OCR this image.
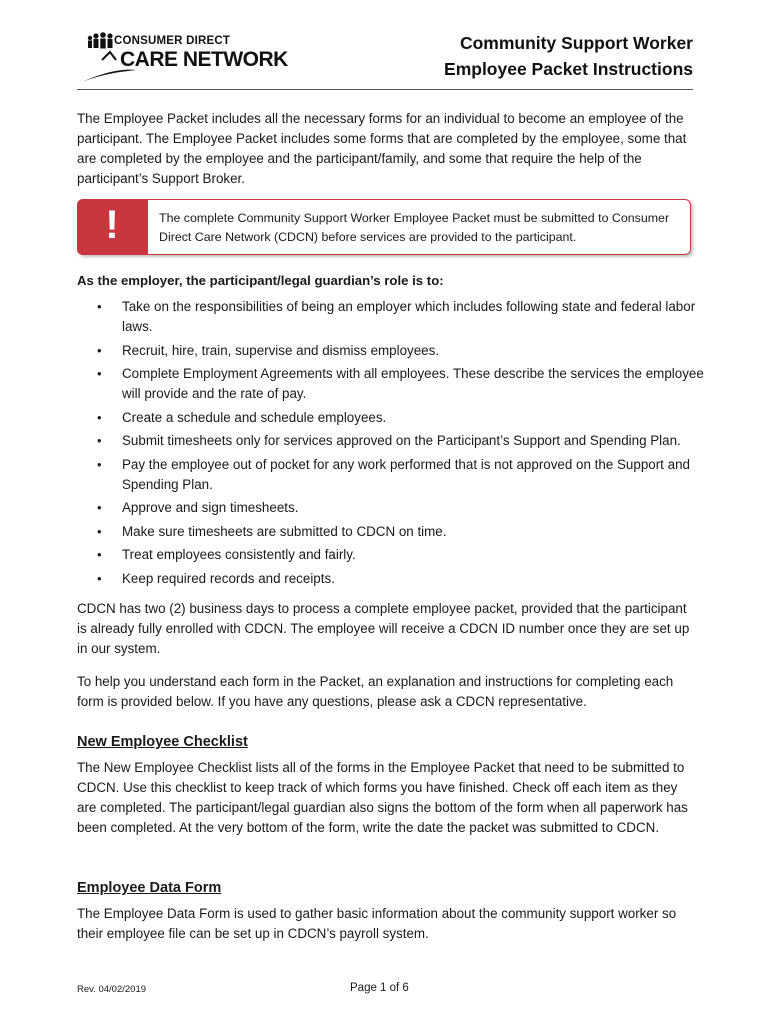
CONSUMER DIRECT
CARE NETWORK
Community Support Worker
Employee Packet Instructions
The Employee Packet includes all the necessary forms for an individual to become an employee of the participant. The Employee Packet includes some forms that are completed by the employee, some that are completed by the employee and the participant/family, and some that require the help of the participant’s Support Broker.
!	The complete Community Support Worker Employee Packet must be submitted to Consumer Direct Care Network (CDCN) before services are provided to the participant.
As the employer, the participant/legal guardian’s role is to:
• Take on the responsibilities of being an employer which includes following state and federal labor laws.
• Recruit, hire, train, supervise and dismiss employees.
• Complete Employment Agreements with all employees. These describe the services the employee will provide and the rate of pay.
• Create a schedule and schedule employees.
• Submit timesheets only for services approved on the Participant’s Support and Spending Plan.
• Pay the employee out of pocket for any work performed that is not approved on the Support and Spending Plan.
• Approve and sign timesheets.
• Make sure timesheets are submitted to CDCN on time.
• Treat employees consistently and fairly.
• Keep required records and receipts.
CDCN has two (2) business days to process a complete employee packet, provided that the participant is already fully enrolled with CDCN. The employee will receive a CDCN ID number once they are set up in our system.
To help you understand each form in the Packet, an explanation and instructions for completing each form is provided below. If you have any questions, please ask a CDCN representative.
New Employee Checklist
The New Employee Checklist lists all of the forms in the Employee Packet that need to be submitted to CDCN. Use this checklist to keep track of which forms you have finished. Check off each item as they are completed. The participant/legal guardian also signs the bottom of the form when all paperwork has been completed. At the very bottom of the form, write the date the packet was submitted to CDCN.
Employee Data Form
The Employee Data Form is used to gather basic information about the community support worker so their employee file can be set up in CDCN’s payroll system.
Rev. 04/02/2019	Page 1 of 6
